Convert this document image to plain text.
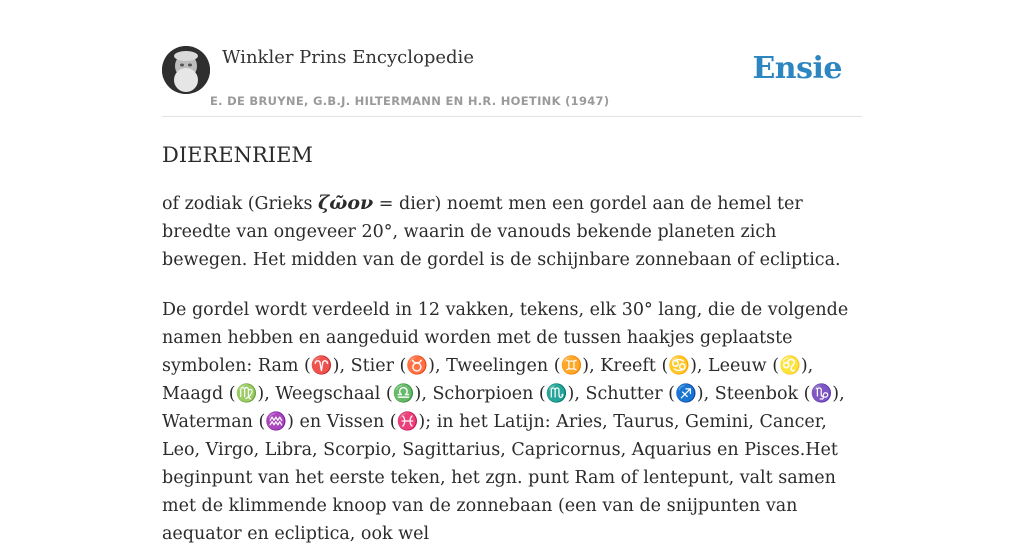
Winkler Prins Encyclopedie
E. DE BRUYNE, G.B.J. HILTERMANN EN H.R. HOETINK (1947)
Ensie
DIERENRIEM

of zodiak (Grieks ζῶον = dier) noemt men een gordel aan de hemel ter breedte van ongeveer 20°, waarin de vanouds bekende planeten zich bewegen. Het midden van de gordel is de schijnbare zonnebaan of ecliptica.

De gordel wordt verdeeld in 12 vakken, tekens, elk 30° lang, die de volgende namen hebben en aangeduid worden met de tussen haakjes geplaatste symbolen: Ram (♈), Stier (♉), Tweelingen (♊), Kreeft (♋), Leeuw (♌), Maagd (♍), Weegschaal (♎), Schorpioen (♏), Schutter (♐), Steenbok (♑), Waterman (♒) en Vissen (♓); in het Latijn: Aries, Taurus, Gemini, Cancer, Leo, Virgo, Libra, Scorpio, Sagittarius, Capricornus, Aquarius en Pisces.Het beginpunt van het eerste teken, het zgn. punt Ram of lentepunt, valt samen met de klimmende knoop van de zonnebaan (een van de snijpunten van aequator en ecliptica, ook wel
